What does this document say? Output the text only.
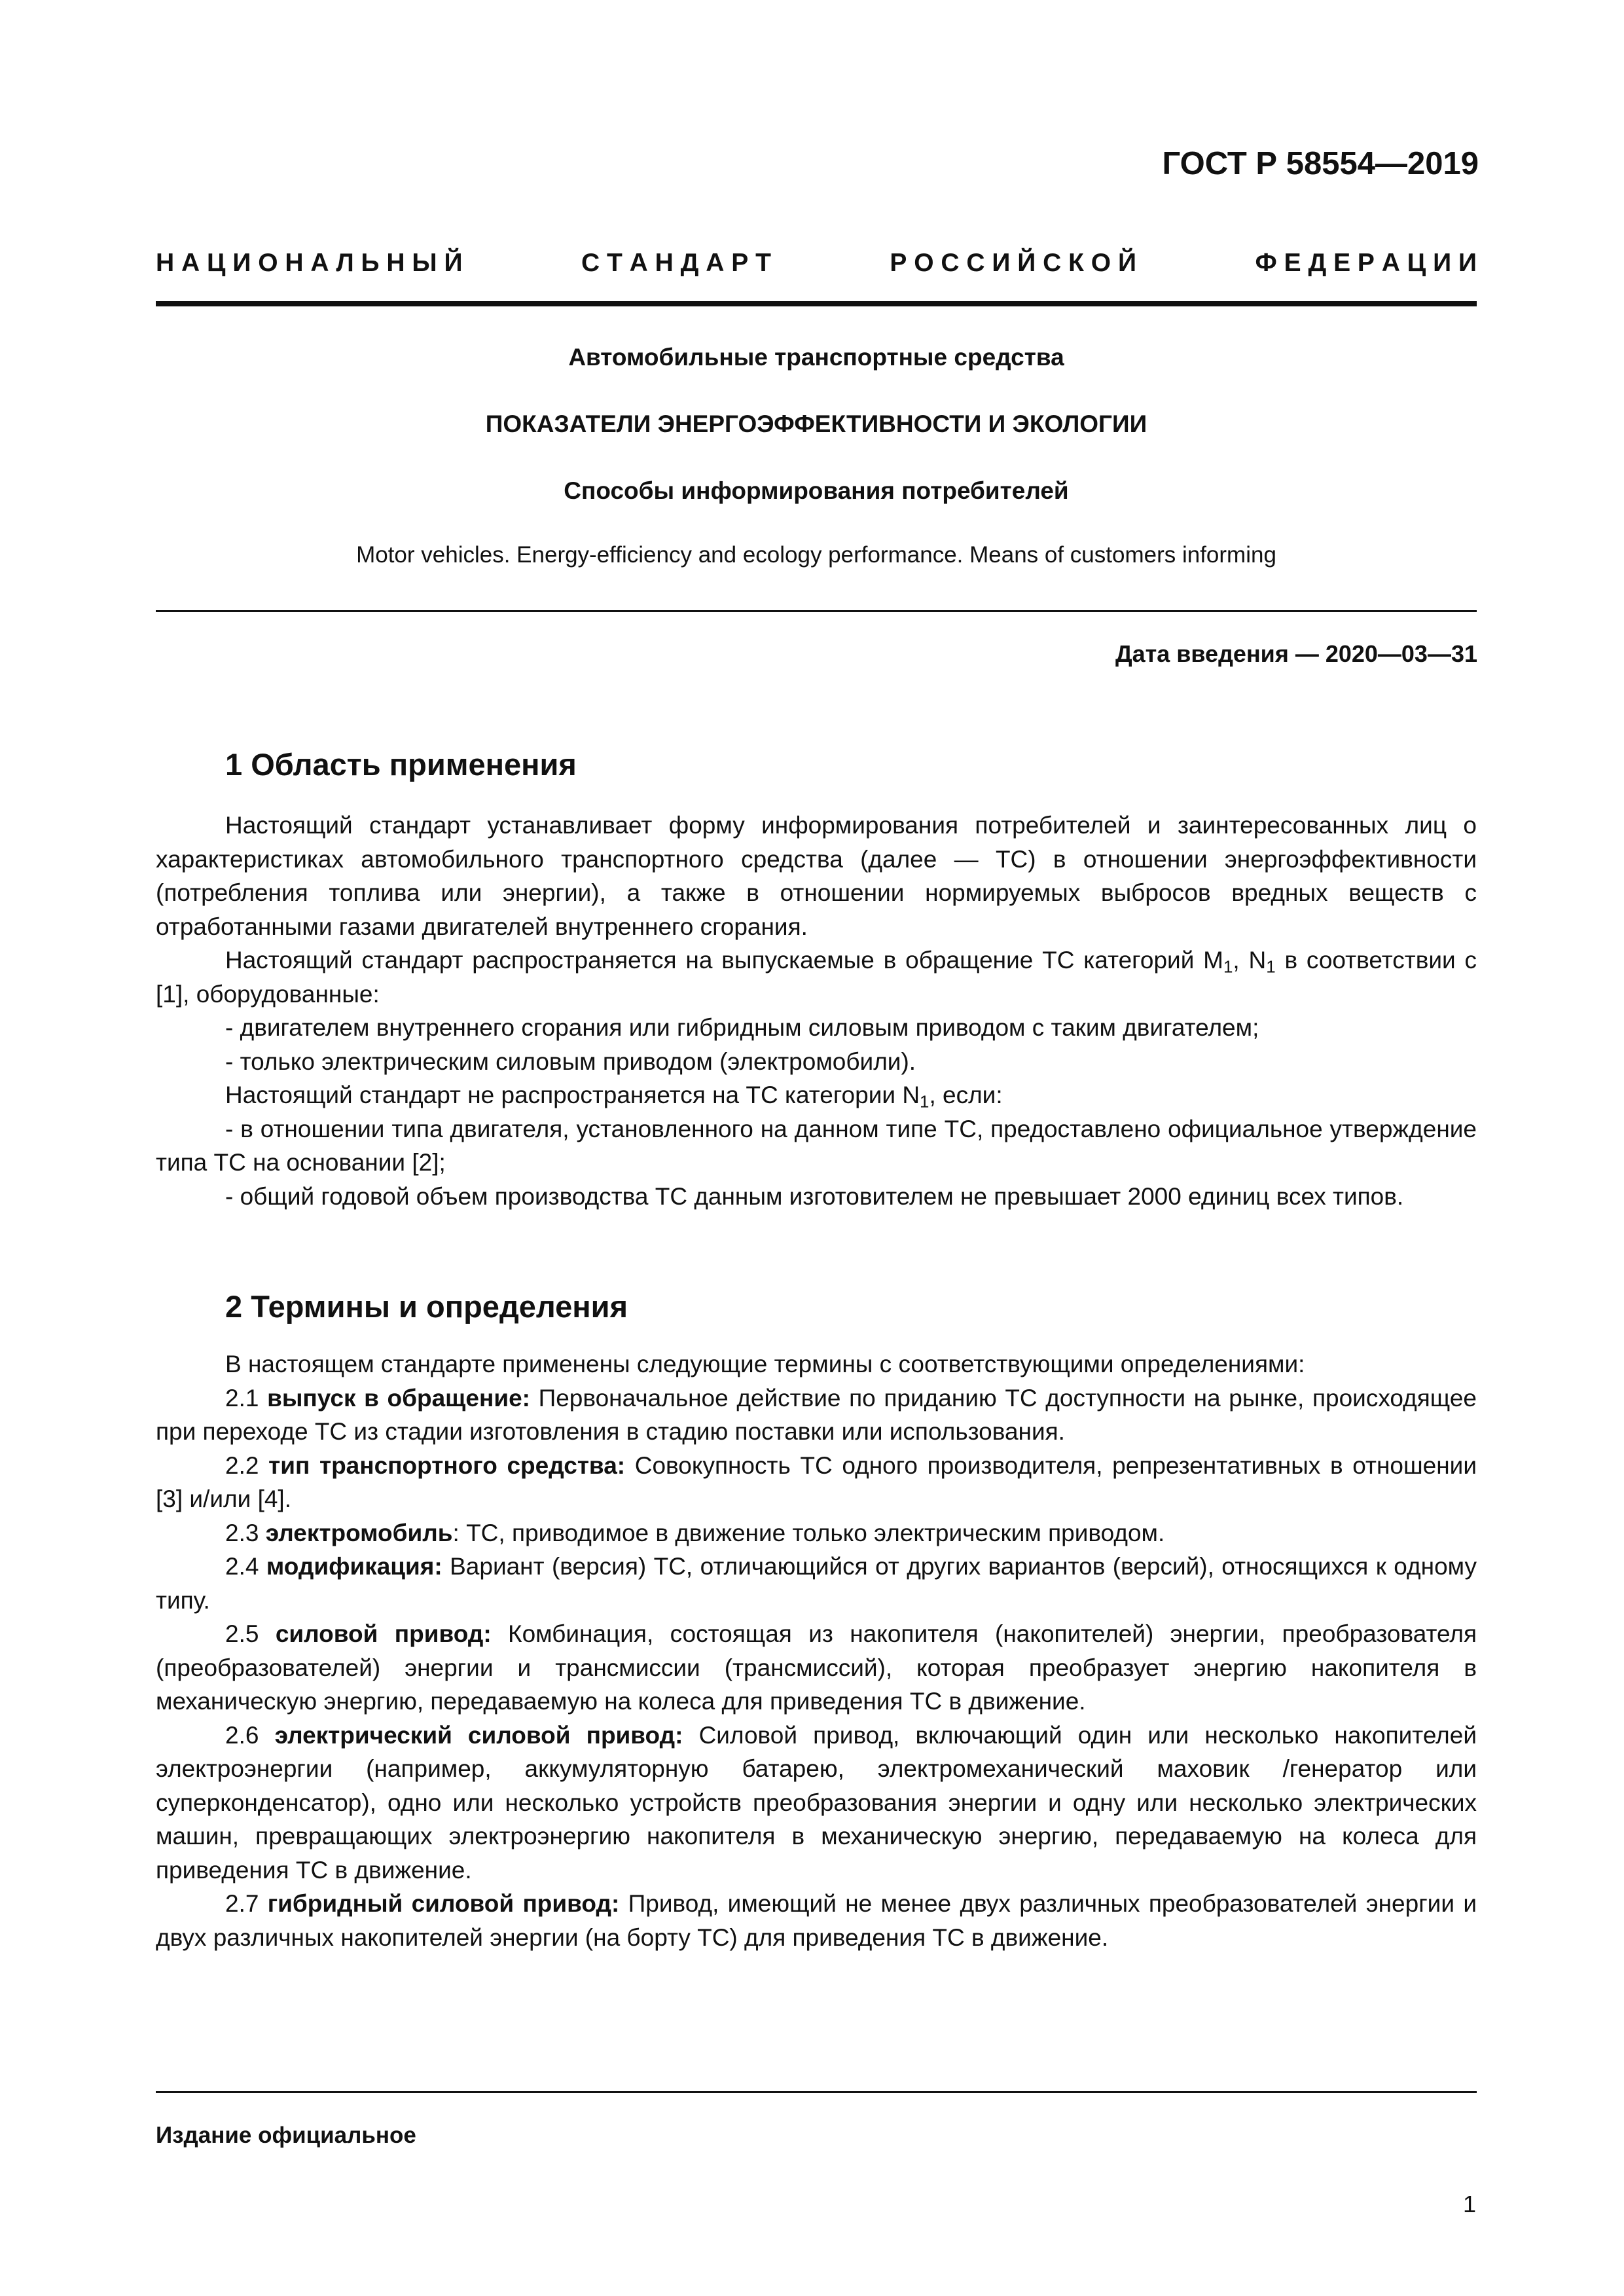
ГОСТ Р 58554—2019

Н А Ц И О Н А Л Ь Н Ы Й	С Т А Н Д А Р Т	Р О С С И Й С К О Й	Ф Е Д Е Р А Ц И И

Автомобильные транспортные средства

ПОКАЗАТЕЛИ ЭНЕРГОЭФФЕКТИВНОСТИ И ЭКОЛОГИИ

Способы информирования потребителей

Motor vehicles. Energy-efficiency and ecology performance. Means of customers informing

Дата введения — 2020—03—31

1 Область применения

Настоящий стандарт устанавливает форму информирования потребителей и заинтересованных лиц о характеристиках автомобильного транспортного средства (далее — ТС) в отношении энергоэффективности (потребления топлива или энергии), а также в отношении нормируемых выбросов вредных веществ с отработанными газами двигателей внутреннего сгорания.

Настоящий стандарт распространяется на выпускаемые в обращение ТС категорий $M_1$, $N_1$ в соответствии с [1], оборудованные:

- двигателем внутреннего сгорания или гибридным силовым приводом с таким двигателем;

- только электрическим силовым приводом (электромобили).

Настоящий стандарт не распространяется на ТС категории $N_1$, если:

- в отношении типа двигателя, установленного на данном типе ТС, предоставлено официальное утверждение типа ТС на основании [2];

- общий годовой объем производства ТС данным изготовителем не превышает 2000 единиц всех типов.

2 Термины и определения

В настоящем стандарте применены следующие термины с соответствующими определениями:

2.1 выпуск в обращение: Первоначальное действие по приданию ТС доступности на рынке, происходящее при переходе ТС из стадии изготовления в стадию поставки или использования.

2.2 тип транспортного средства: Совокупность ТС одного производителя, репрезентативных в отношении [3] и/или [4].

2.3 электромобиль: ТС, приводимое в движение только электрическим приводом.

2.4 модификация: Вариант (версия) ТС, отличающийся от других вариантов (версий), относящихся к одному типу.

2.5 силовой привод: Комбинация, состоящая из накопителя (накопителей) энергии, преобразователя (преобразователей) энергии и трансмиссии (трансмиссий), которая преобразует энергию накопителя в механическую энергию, передаваемую на колеса для приведения ТС в движение.

2.6 электрический силовой привод: Силовой привод, включающий один или несколько накопителей электроэнергии (например, аккумуляторную батарею, электромеханический маховик /генератор или суперконденсатор), одно или несколько устройств преобразования энергии и одну или несколько электрических машин, превращающих электроэнергию накопителя в механическую энергию, передаваемую на колеса для приведения ТС в движение.

2.7 гибридный силовой привод: Привод, имеющий не менее двух различных преобразователей энергии и двух различных накопителей энергии (на борту ТС) для приведения ТС в движение.

Издание официальное

1
